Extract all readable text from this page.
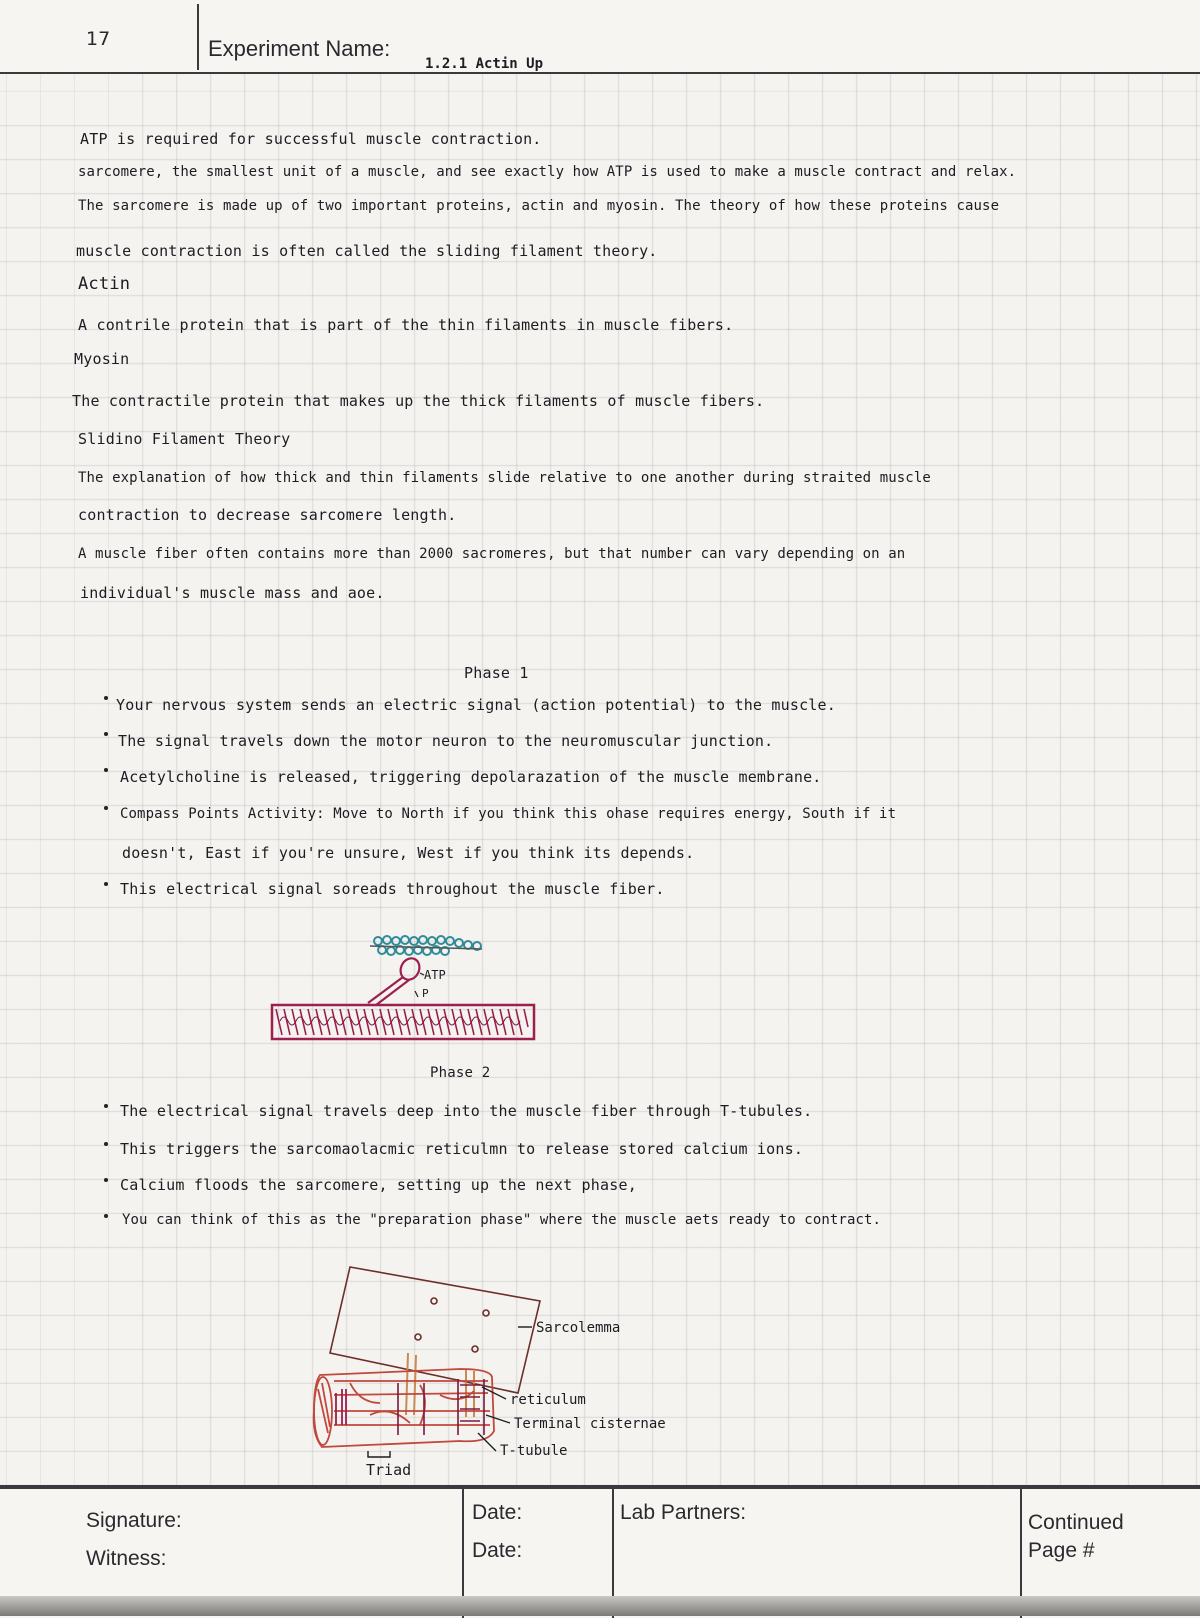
17	Experiment Name:
1.2.1 Actin Up
ATP is required for successful muscle contraction.
sarcomere, the smallest unit of a muscle, and see exactly how ATP is used to make a muscle contract and relax.
The sarcomere is made up of two important proteins, actin and myosin. The theory of how these proteins cause
muscle contraction is often called the sliding filament theory.
Actin
A contrile protein that is part of the thin filaments in muscle fibers.
Myosin
The contractile protein that makes up the thick filaments of muscle fibers.
Slidino Filament Theory
The explanation of how thick and thin filaments slide relative to one another during straited muscle
contraction to decrease sarcomere length.
A muscle fiber often contains more than 2000 sacromeres, but that number can vary depending on an
individual's muscle mass and aoe.
Phase 1
Your nervous system sends an electric signal (action potential) to the muscle.
The signal travels down the motor neuron to the neuromuscular junction.
Acetylcholine is released, triggering depolarazation of the muscle membrane.
Compass Points Activity: Move to North if you think this ohase requires energy, South if it
doesn't, East if you're unsure, West if you think its depends.
This electrical signal soreads throughout the muscle fiber.
ATP
P
Phase 2
The electrical signal travels deep into the muscle fiber through T-tubules.
This triggers the sarcomaolacmic reticulmn to release stored calcium ions.
Calcium floods the sarcomere, setting up the next phase,
You can think of this as the "preparation phase" where the muscle aets ready to contract.
Sarcolemma
reticulum
Terminal cisternae
T-tubule
Triad
Signature:
Witness:
Date:
Date:
Lab Partners:	Continued
Page #
